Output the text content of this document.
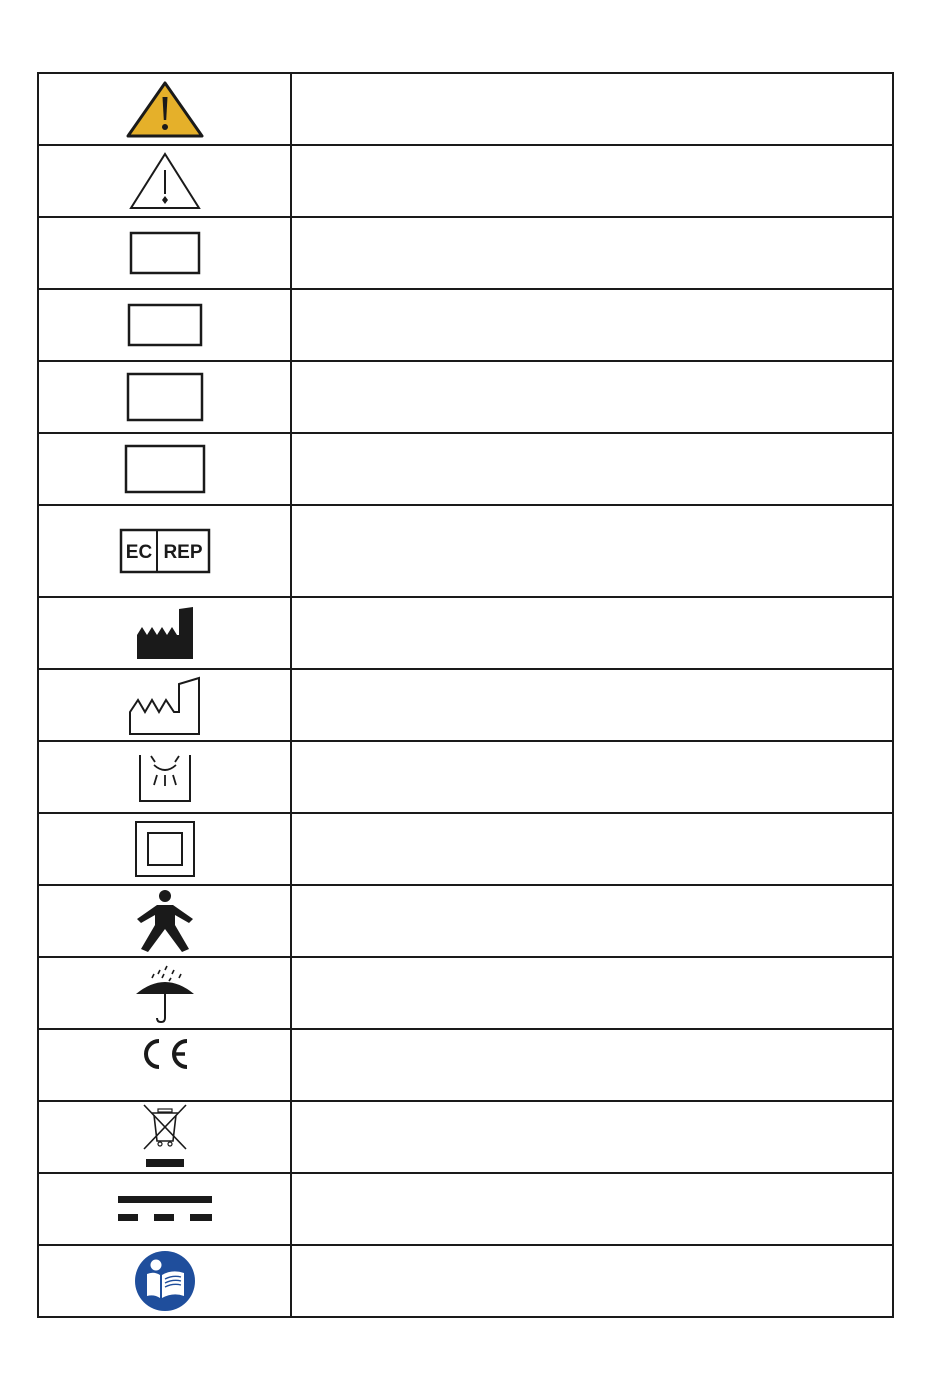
EC REP	
